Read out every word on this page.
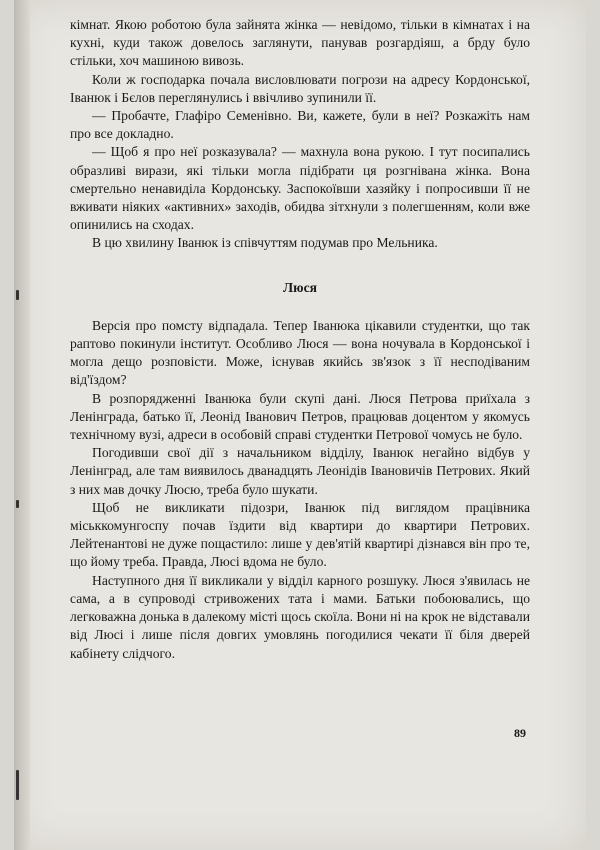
кімнат. Якою роботою була зайнята жінка — невідомо, тільки в кімнатах і на кухні, куди також довелось заглянути, панував розгардіяш, а брду було стільки, хоч машиною вивозь.

Коли ж господарка почала висловлювати погрози на адресу Кордонської, Іванюк і Бєлов переглянулись і ввічливо зупинили її.

— Пробачте, Глафіро Семенівно. Ви, кажете, були в неї? Розкажіть нам про все докладно.

— Щоб я про неї розказувала? — махнула вона рукою. І тут посипались образливі вирази, які тільки могла підібрати ця розгнівана жінка. Вона смертельно ненавиділа Кордонську. Заспокоївши хазяйку і попросивши її не вживати ніяких «активних» заходів, обидва зітхнули з полегшенням, коли вже опинились на сходах.

В цю хвилину Іванюк із співчуттям подумав про Мельника.

Люся

Версія про помсту відпадала. Тепер Іванюка цікавили студентки, що так раптово покинули інститут. Особливо Люся — вона ночувала в Кордонської і могла дещо розповісти. Може, існував якийсь зв'язок з її несподіваним від'їздом?

В розпорядженні Іванюка були скупі дані. Люся Петрова приїхала з Ленінграда, батько її, Леонід Іванович Петров, працював доцентом у якомусь технічному вузі, адреси в особовій справі студентки Петрової чомусь не було.

Погодивши свої дії з начальником відділу, Іванюк негайно відбув у Ленінград, але там виявилось дванадцять Леонідів Івановичів Петрових. Який з них мав дочку Люсю, треба було шукати.

Щоб не викликати підозри, Іванюк під виглядом працівника міськкомунгоспу почав їздити від квартири до квартири Петрових. Лейтенантові не дуже пощастило: лише у дев'ятій квартирі дізнався він про те, що йому треба. Правда, Люсі вдома не було.

Наступного дня її викликали у відділ карного розшуку. Люся з'явилась не сама, а в супроводі стривожених тата і мами. Батьки побоювались, що легковажна донька в далекому місті щось скоїла. Вони ні на крок не відставали від Люсі і лише після довгих умовлянь погодилися чекати її біля дверей кабінету слідчого.

89
